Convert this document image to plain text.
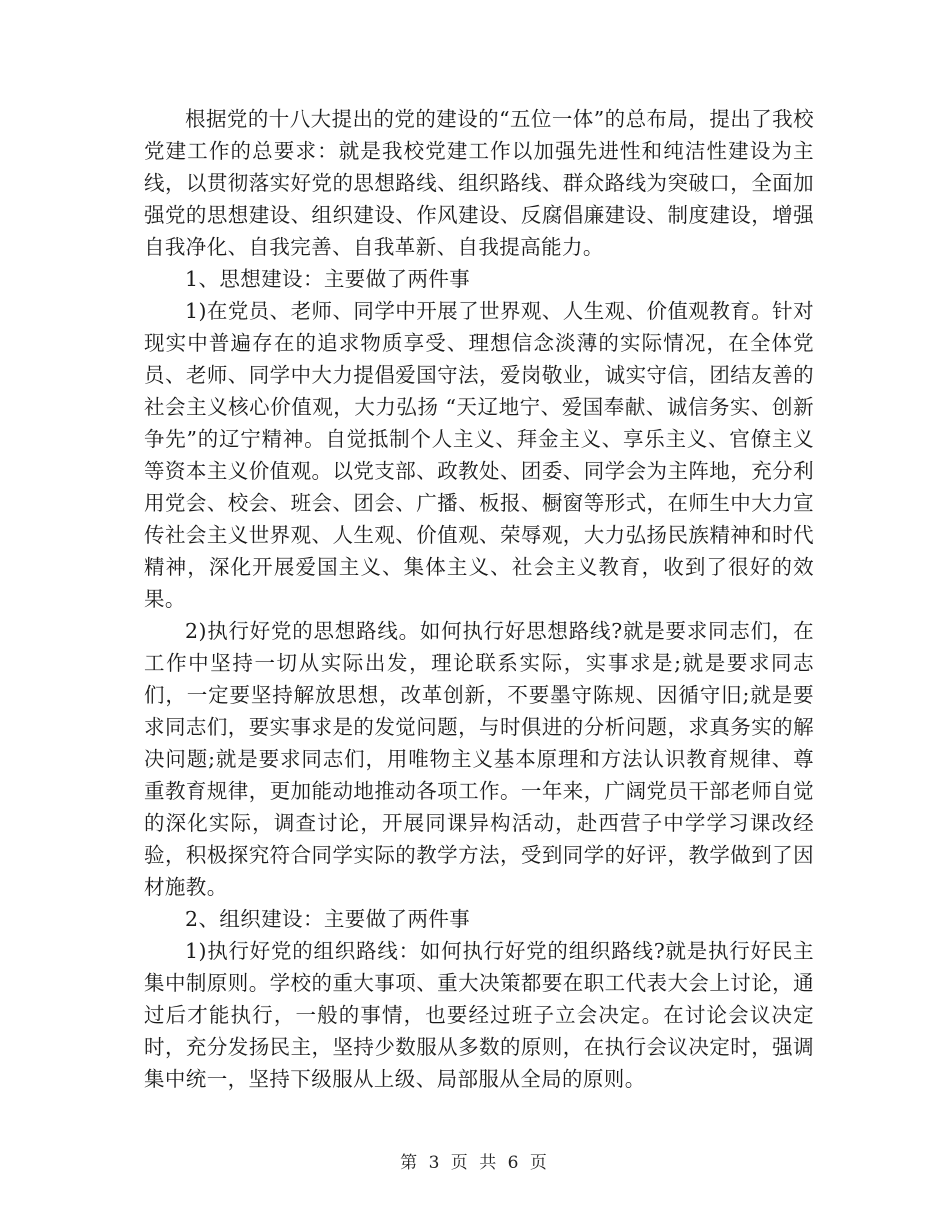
根据党的十八大提出的党的建设的“五位一体”的总布局，提出了我校党建工作的总要求：就是我校党建工作以加强先进性和纯洁性建设为主线，以贯彻落实好党的思想路线、组织路线、群众路线为突破口，全面加强党的思想建设、组织建设、作风建设、反腐倡廉建设、制度建设，增强自我净化、自我完善、自我革新、自我提高能力。

1、思想建设：主要做了两件事

1)在党员、老师、同学中开展了世界观、人生观、价值观教育。针对现实中普遍存在的追求物质享受、理想信念淡薄的实际情况，在全体党员、老师、同学中大力提倡爱国守法，爱岗敬业，诚实守信，团结友善的社会主义核心价值观，大力弘扬 “天辽地宁、爱国奉献、诚信务实、创新争先”的辽宁精神。自觉抵制个人主义、拜金主义、享乐主义、官僚主义等资本主义价值观。以党支部、政教处、团委、同学会为主阵地，充分利用党会、校会、班会、团会、广播、板报、橱窗等形式，在师生中大力宣传社会主义世界观、人生观、价值观、荣辱观，大力弘扬民族精神和时代精神，深化开展爱国主义、集体主义、社会主义教育，收到了很好的效果。

2)执行好党的思想路线。如何执行好思想路线?就是要求同志们，在工作中坚持一切从实际出发，理论联系实际，实事求是;就是要求同志们，一定要坚持解放思想，改革创新，不要墨守陈规、因循守旧;就是要求同志们，要实事求是的发觉问题，与时俱进的分析问题，求真务实的解决问题;就是要求同志们，用唯物主义基本原理和方法认识教育规律、尊重教育规律，更加能动地推动各项工作。一年来，广阔党员干部老师自觉的深化实际，调查讨论，开展同课异构活动，赴西营子中学学习课改经验，积极探究符合同学实际的教学方法，受到同学的好评，教学做到了因材施教。

2、组织建设：主要做了两件事

1)执行好党的组织路线：如何执行好党的组织路线?就是执行好民主集中制原则。学校的重大事项、重大决策都要在职工代表大会上讨论，通过后才能执行，一般的事情，也要经过班子立会决定。在讨论会议决定时，充分发扬民主，坚持少数服从多数的原则，在执行会议决定时，强调集中统一，坚持下级服从上级、局部服从全局的原则。

第 3 页 共 6 页
